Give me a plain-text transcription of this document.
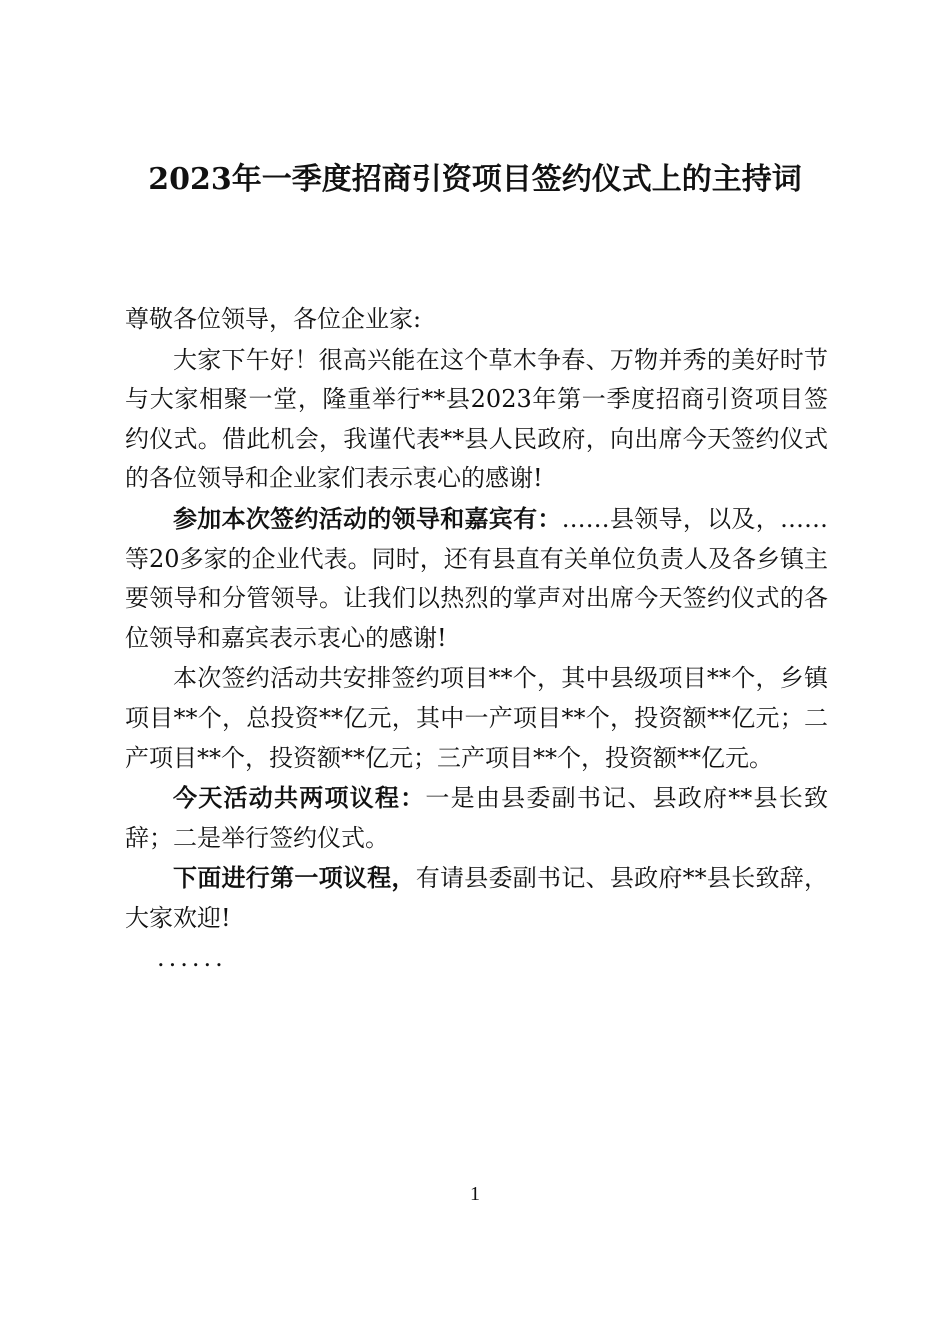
2023年一季度招商引资项目签约仪式上的主持词

尊敬各位领导，各位企业家:

大家下午好！很高兴能在这个草木争春、万物并秀的美好时节与大家相聚一堂，隆重举行**县2023年第一季度招商引资项目签约仪式。借此机会，我谨代表**县人民政府，向出席今天签约仪式的各位领导和企业家们表示衷心的感谢!

参加本次签约活动的领导和嘉宾有：……县领导，以及，……等20多家的企业代表。同时，还有县直有关单位负责人及各乡镇主要领导和分管领导。让我们以热烈的掌声对出席今天签约仪式的各位领导和嘉宾表示衷心的感谢!

本次签约活动共安排签约项目**个，其中县级项目**个，乡镇项目**个，总投资**亿元，其中一产项目**个，投资额**亿元；二产项目**个，投资额**亿元；三产项目**个，投资额**亿元。

今天活动共两项议程：一是由县委副书记、县政府**县长致辞；二是举行签约仪式。

下面进行第一项议程，有请县委副书记、县政府**县长致辞，大家欢迎!

......

1
